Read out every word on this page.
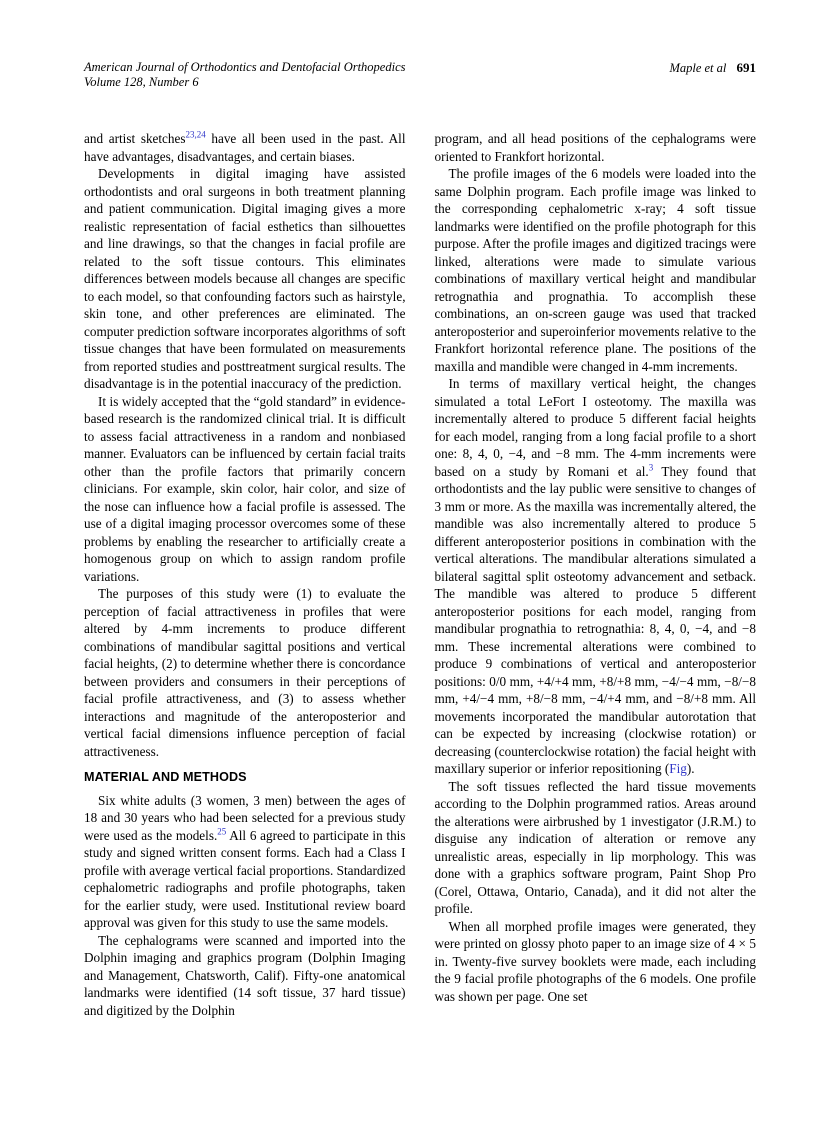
American Journal of Orthodontics and Dentofacial Orthopedics
Volume 128, Number 6
Maple et al 691

and artist sketches$^{23,24}$ have all been used in the past. All have advantages, disadvantages, and certain biases.

Developments in digital imaging have assisted orthodontists and oral surgeons in both treatment planning and patient communication. Digital imaging gives a more realistic representation of facial esthetics than silhouettes and line drawings, so that the changes in facial profile are related to the soft tissue contours. This eliminates differences between models because all changes are specific to each model, so that confounding factors such as hairstyle, skin tone, and other preferences are eliminated. The computer prediction software incorporates algorithms of soft tissue changes that have been formulated on measurements from reported studies and posttreatment surgical results. The disadvantage is in the potential inaccuracy of the prediction.

It is widely accepted that the “gold standard” in evidence-based research is the randomized clinical trial. It is difficult to assess facial attractiveness in a random and nonbiased manner. Evaluators can be influenced by certain facial traits other than the profile factors that primarily concern clinicians. For example, skin color, hair color, and size of the nose can influence how a facial profile is assessed. The use of a digital imaging processor overcomes some of these problems by enabling the researcher to artificially create a homogenous group on which to assign random profile variations.

The purposes of this study were (1) to evaluate the perception of facial attractiveness in profiles that were altered by 4-mm increments to produce different combinations of mandibular sagittal positions and vertical facial heights, (2) to determine whether there is concordance between providers and consumers in their perceptions of facial profile attractiveness, and (3) to assess whether interactions and magnitude of the anteroposterior and vertical facial dimensions influence perception of facial attractiveness.

MATERIAL AND METHODS

Six white adults (3 women, 3 men) between the ages of 18 and 30 years who had been selected for a previous study were used as the models.$^{25}$ All 6 agreed to participate in this study and signed written consent forms. Each had a Class I profile with average vertical facial proportions. Standardized cephalometric radiographs and profile photographs, taken for the earlier study, were used. Institutional review board approval was given for this study to use the same models.

The cephalograms were scanned and imported into the Dolphin imaging and graphics program (Dolphin Imaging and Management, Chatsworth, Calif). Fifty-one anatomical landmarks were identified (14 soft tissue, 37 hard tissue) and digitized by the Dolphin

program, and all head positions of the cephalograms were oriented to Frankfort horizontal.

The profile images of the 6 models were loaded into the same Dolphin program. Each profile image was linked to the corresponding cephalometric x-ray; 4 soft tissue landmarks were identified on the profile photograph for this purpose. After the profile images and digitized tracings were linked, alterations were made to simulate various combinations of maxillary vertical height and mandibular retrognathia and prognathia. To accomplish these combinations, an on-screen gauge was used that tracked anteroposterior and superoinferior movements relative to the Frankfort horizontal reference plane. The positions of the maxilla and mandible were changed in 4-mm increments.

In terms of maxillary vertical height, the changes simulated a total LeFort I osteotomy. The maxilla was incrementally altered to produce 5 different facial heights for each model, ranging from a long facial profile to a short one: 8, 4, 0, −4, and −8 mm. The 4-mm increments were based on a study by Romani et al.$^3$ They found that orthodontists and the lay public were sensitive to changes of 3 mm or more. As the maxilla was incrementally altered, the mandible was also incrementally altered to produce 5 different anteroposterior positions in combination with the vertical alterations. The mandibular alterations simulated a bilateral sagittal split osteotomy advancement and setback. The mandible was altered to produce 5 different anteroposterior positions for each model, ranging from mandibular prognathia to retrognathia: 8, 4, 0, −4, and −8 mm. These incremental alterations were combined to produce 9 combinations of vertical and anteroposterior positions: 0/0 mm, +4/+4 mm, +8/+8 mm, −4/−4 mm, −8/−8 mm, +4/−4 mm, +8/−8 mm, −4/+4 mm, and −8/+8 mm. All movements incorporated the mandibular autorotation that can be expected by increasing (clockwise rotation) or decreasing (counterclockwise rotation) the facial height with maxillary superior or inferior repositioning (Fig).

The soft tissues reflected the hard tissue movements according to the Dolphin programmed ratios. Areas around the alterations were airbrushed by 1 investigator (J.R.M.) to disguise any indication of alteration or remove any unrealistic areas, especially in lip morphology. This was done with a graphics software program, Paint Shop Pro (Corel, Ottawa, Ontario, Canada), and it did not alter the profile.

When all morphed profile images were generated, they were printed on glossy photo paper to an image size of 4 × 5 in. Twenty-five survey booklets were made, each including the 9 facial profile photographs of the 6 models. One profile was shown per page. One set
